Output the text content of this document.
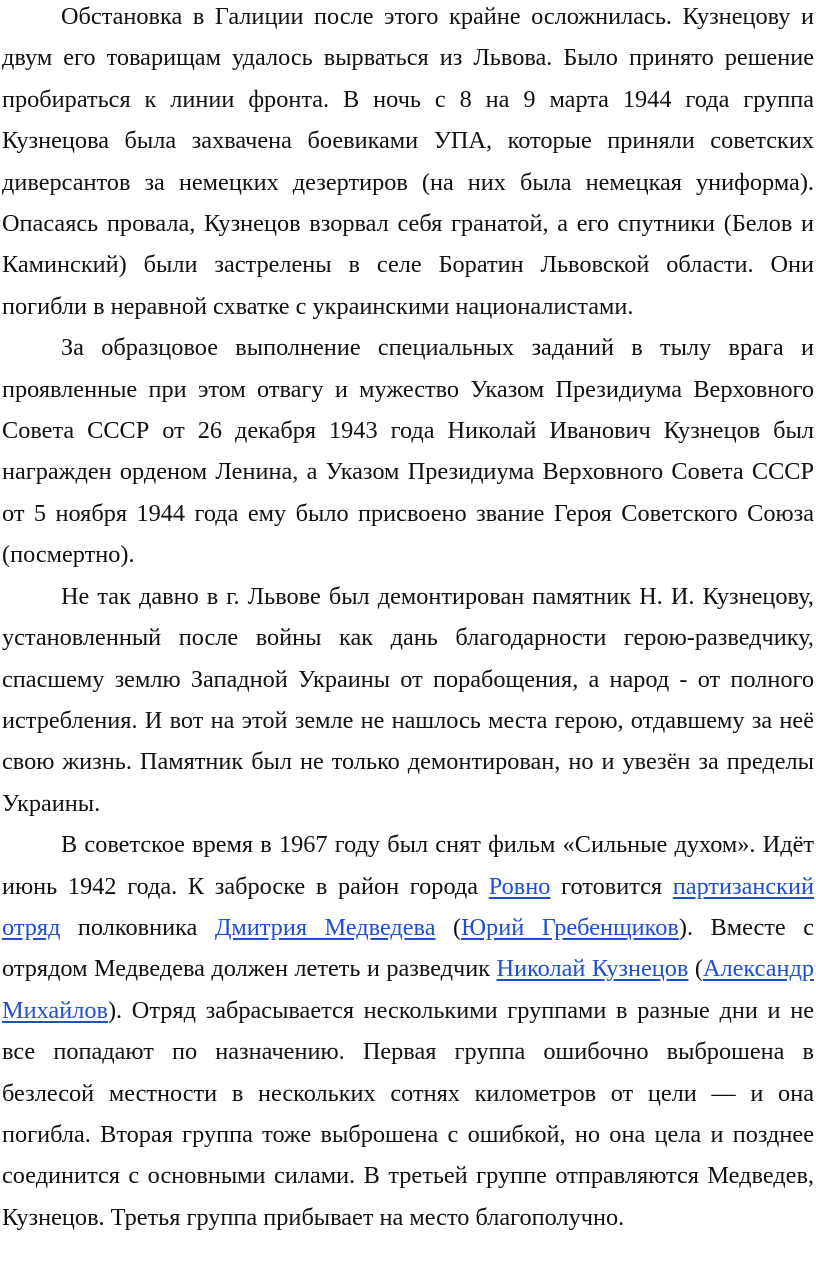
Обстановка в Галиции после этого крайне осложнилась. Кузнецову и двум его товарищам удалось вырваться из Львова. Было принято решение пробираться к линии фронта. В ночь с 8 на 9 марта 1944 года группа Кузнецова была захвачена боевиками УПА, которые приняли советских диверсантов за немецких дезертиров (на них была немецкая униформа). Опасаясь провала, Кузнецов взорвал себя гранатой, а его спутники (Белов и Каминский) были застрелены в селе Боратин Львовской области. Они погибли в неравной схватке с украинскими националистами.

За образцовое выполнение специальных заданий в тылу врага и проявленные при этом отвагу и мужество Указом Президиума Верховного Совета СССР от 26 декабря 1943 года Николай Иванович Кузнецов был награжден орденом Ленина, а Указом Президиума Верховного Совета СССР от 5 ноября 1944 года ему было присвоено звание Героя Советского Союза (посмертно).

Не так давно в г. Львове был демонтирован памятник Н. И. Кузнецову, установленный после войны как дань благодарности герою-разведчику, спасшему землю Западной Украины от порабощения, а народ - от полного истребления. И вот на этой земле не нашлось места герою, отдавшему за неё свою жизнь. Памятник был не только демонтирован, но и увезён за пределы Украины.

В советское время в 1967 году был снят фильм «Сильные духом». Идёт июнь 1942 года. К заброске в район города Ровно готовится партизанский отряд полковника Дмитрия Медведева (Юрий Гребенщиков). Вместе с отрядом Медведева должен лететь и разведчик Николай Кузнецов (Александр Михайлов). Отряд забрасывается несколькими группами в разные дни и не все попадают по назначению. Первая группа ошибочно выброшена в безлесой местности в нескольких сотнях километров от цели — и она погибла. Вторая группа тоже выброшена с ошибкой, но она цела и позднее соединится с основными силами. В третьей группе отправляются Медведев, Кузнецов. Третья группа прибывает на место благополучно.
